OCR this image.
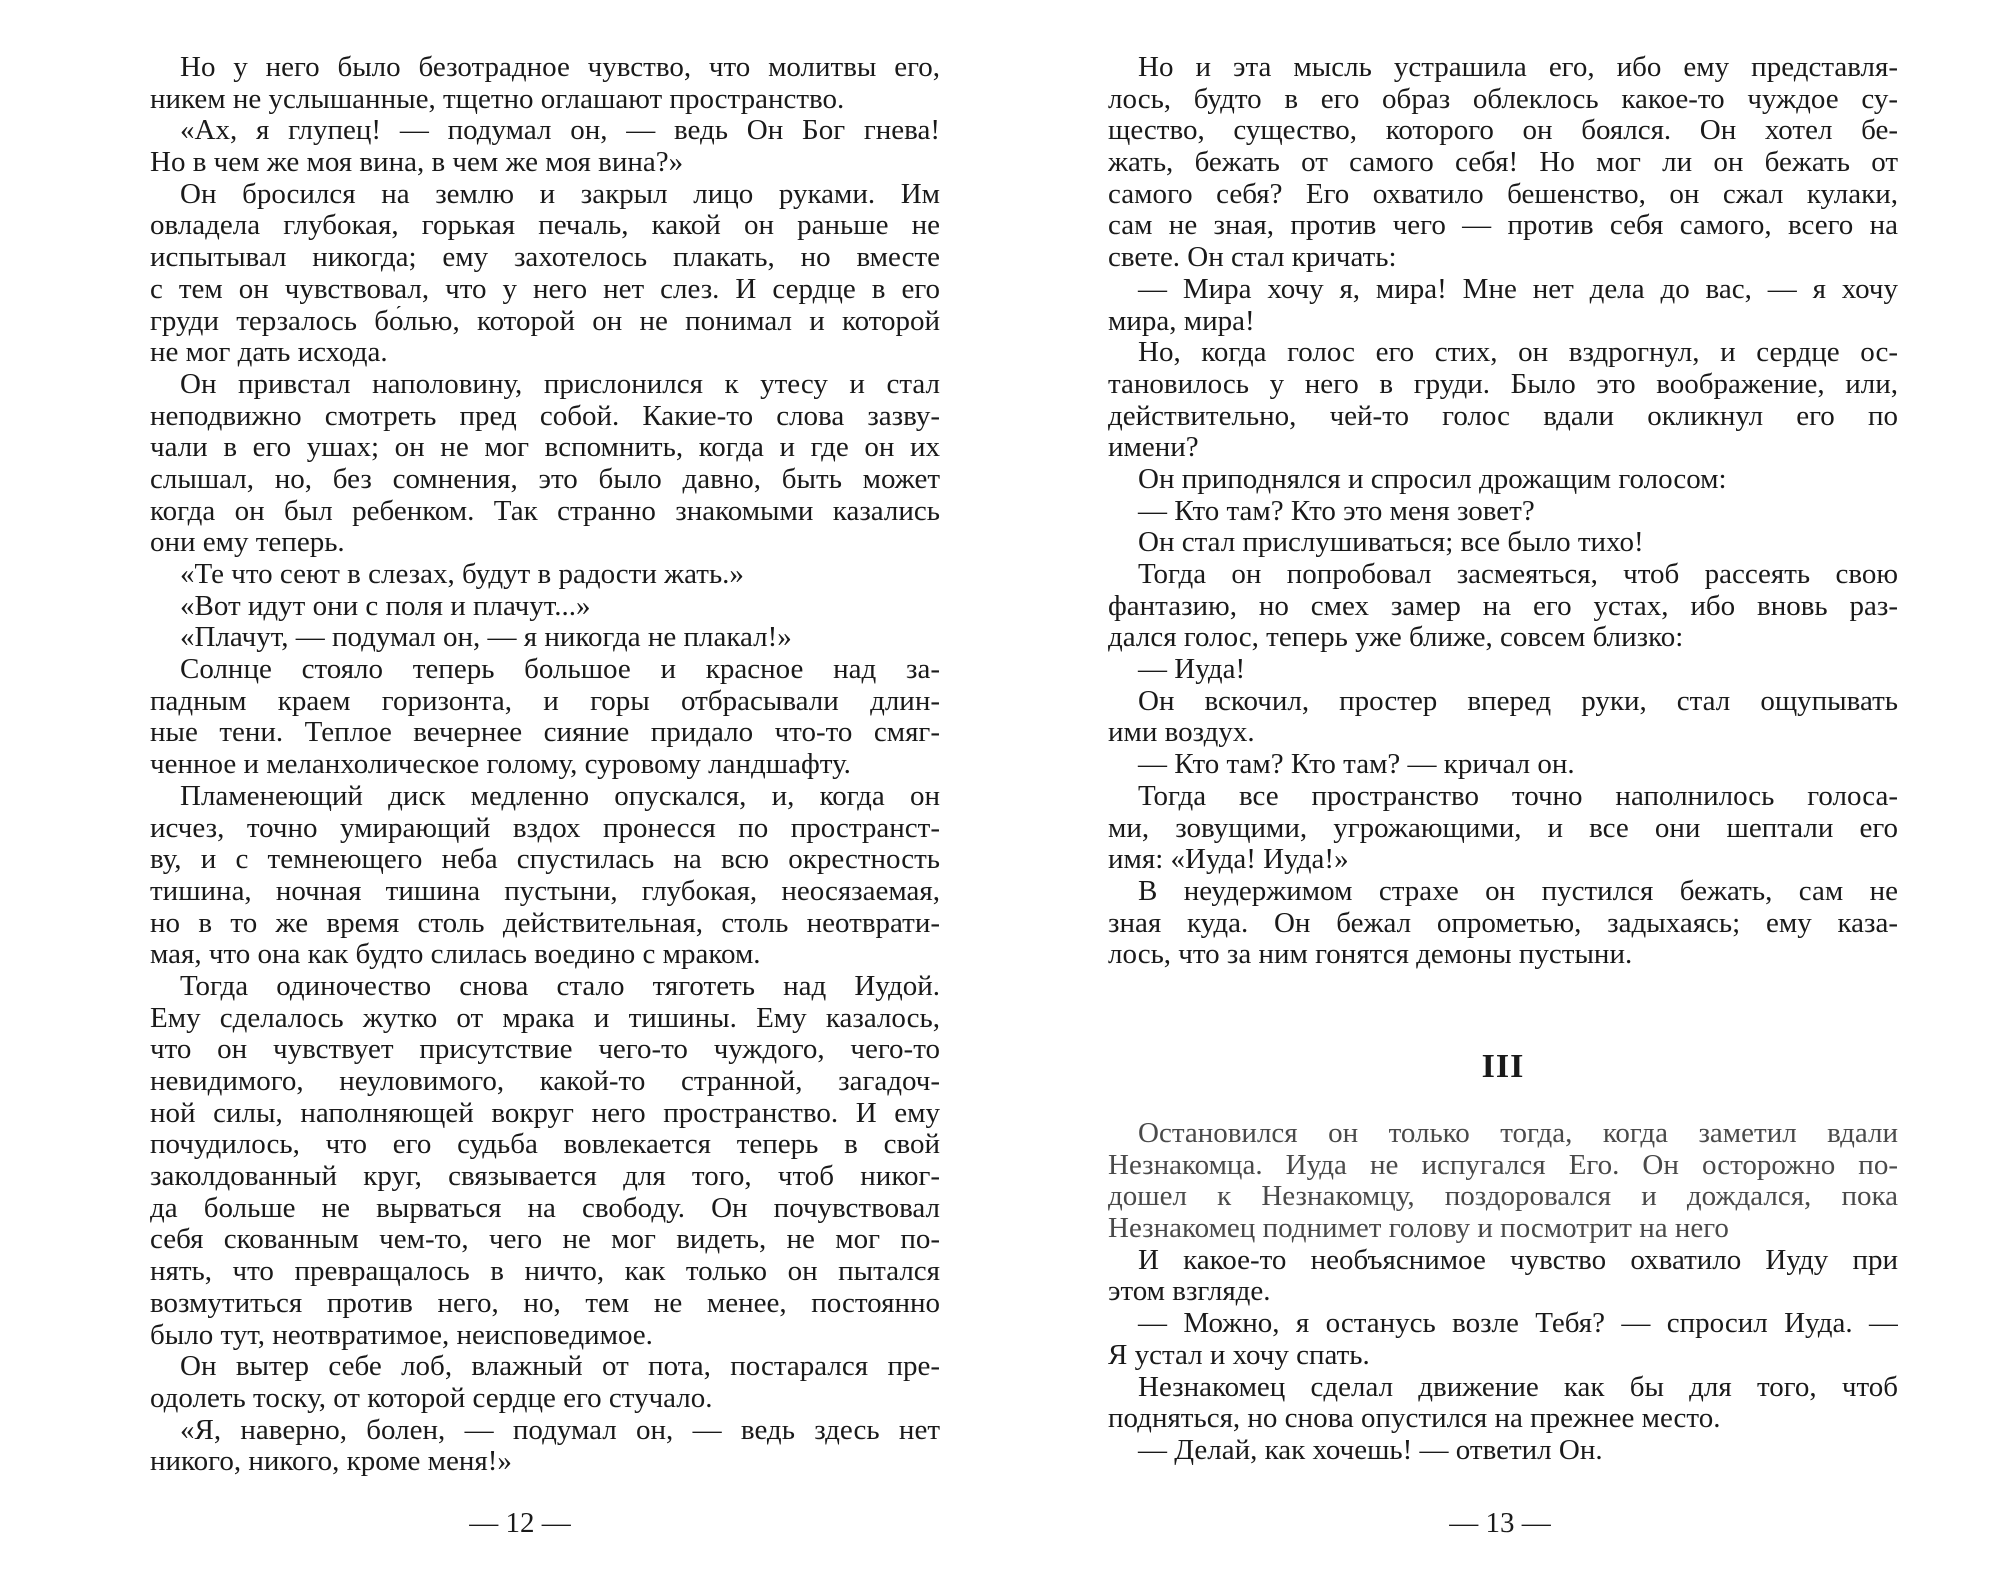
Но у него было безотрадное чувство, что молитвы его,
никем не услышанные, тщетно оглашают пространство.
«Ах, я глупец! — подумал он, — ведь Он Бог гнева!
Но в чем же моя вина, в чем же моя вина?»
Он бросился на землю и закрыл лицо руками. Им
овладела глубокая, горькая печаль, какой он раньше не
испытывал никогда; ему захотелось плакать, но вместе
с тем он чувствовал, что у него нет слез. И сердце в его
груди терзалось бо́лью, которой он не понимал и которой
не мог дать исхода.
Он привстал наполовину, прислонился к утесу и стал
неподвижно смотреть пред собой. Какие-то слова зазву-
чали в его ушах; он не мог вспомнить, когда и где он их
слышал, но, без сомнения, это было давно, быть может
когда он был ребенком. Так странно знакомыми казались
они ему теперь.
«Те что сеют в слезах, будут в радости жать.»
«Вот идут они с поля и плачут...»
«Плачут, — подумал он, — я никогда не плакал!»
Солнце стояло теперь большое и красное над за-
падным краем горизонта, и горы отбрасывали длин-
ные тени. Теплое вечернее сияние придало что-то смяг-
ченное и меланхолическое голому, суровому ландшафту.
Пламенеющий диск медленно опускался, и, когда он
исчез, точно умирающий вздох пронесся по пространст-
ву, и с темнеющего неба спустилась на всю окрестность
тишина, ночная тишина пустыни, глубокая, неосязаемая,
но в то же время столь действительная, столь неотврати-
мая, что она как будто слилась воедино с мраком.
Тогда одиночество снова стало тяготеть над Иудой.
Ему сделалось жутко от мрака и тишины. Ему казалось,
что он чувствует присутствие чего-то чуждого, чего-то
невидимого, неуловимого, какой-то странной, загадоч-
ной силы, наполняющей вокруг него пространство. И ему
почудилось, что его судьба вовлекается теперь в свой
заколдованный круг, связывается для того, чтоб никог-
да больше не вырваться на свободу. Он почувствовал
себя скованным чем-то, чего не мог видеть, не мог по-
нять, что превращалось в ничто, как только он пытался
возмутиться против него, но, тем не менее, постоянно
было тут, неотвратимое, неисповедимое.
Он вытер себе лоб, влажный от пота, постарался пре-
одолеть тоску, от которой сердце его стучало.
«Я, наверно, болен, — подумал он, — ведь здесь нет
никого, никого, кроме меня!»
— 12 —
Но и эта мысль устрашила его, ибо ему представля-
лось, будто в его образ облеклось какое-то чуждое су-
щество, существо, которого он боялся. Он хотел бе-
жать, бежать от самого себя! Но мог ли он бежать от
самого себя? Его охватило бешенство, он сжал кулаки,
сам не зная, против чего — против себя самого, всего на
свете. Он стал кричать:
— Мира хочу я, мира! Мне нет дела до вас, — я хочу
мира, мира!
Но, когда голос его стих, он вздрогнул, и сердце ос-
тановилось у него в груди. Было это воображение, или,
действительно, чей-то голос вдали окликнул его по
имени?
Он приподнялся и спросил дрожащим голосом:
— Кто там? Кто это меня зовет?
Он стал прислушиваться; все было тихо!
Тогда он попробовал засмеяться, чтоб рассеять свою
фантазию, но смех замер на его устах, ибо вновь раз-
дался голос, теперь уже ближе, совсем близко:
— Иуда!
Он вскочил, простер вперед руки, стал ощупывать
ими воздух.
— Кто там? Кто там? — кричал он.
Тогда все пространство точно наполнилось голоса-
ми, зовущими, угрожающими, и все они шептали его
имя: «Иуда! Иуда!»
В неудержимом страхе он пустился бежать, сам не
зная куда. Он бежал опрометью, задыхаясь; ему каза-
лось, что за ним гонятся демоны пустыни.
III
Остановился он только тогда, когда заметил вдали
Незнакомца. Иуда не испугался Его. Он осторожно по-
дошел к Незнакомцу, поздоровался и дождался, пока
Незнакомец поднимет голову и посмотрит на него
И какое-то необъяснимое чувство охватило Иуду при
этом взгляде.
— Можно, я останусь возле Тебя? — спросил Иуда. —
Я устал и хочу спать.
Незнакомец сделал движение как бы для того, чтоб
подняться, но снова опустился на прежнее место.
— Делай, как хочешь! — ответил Он.
— 13 —
